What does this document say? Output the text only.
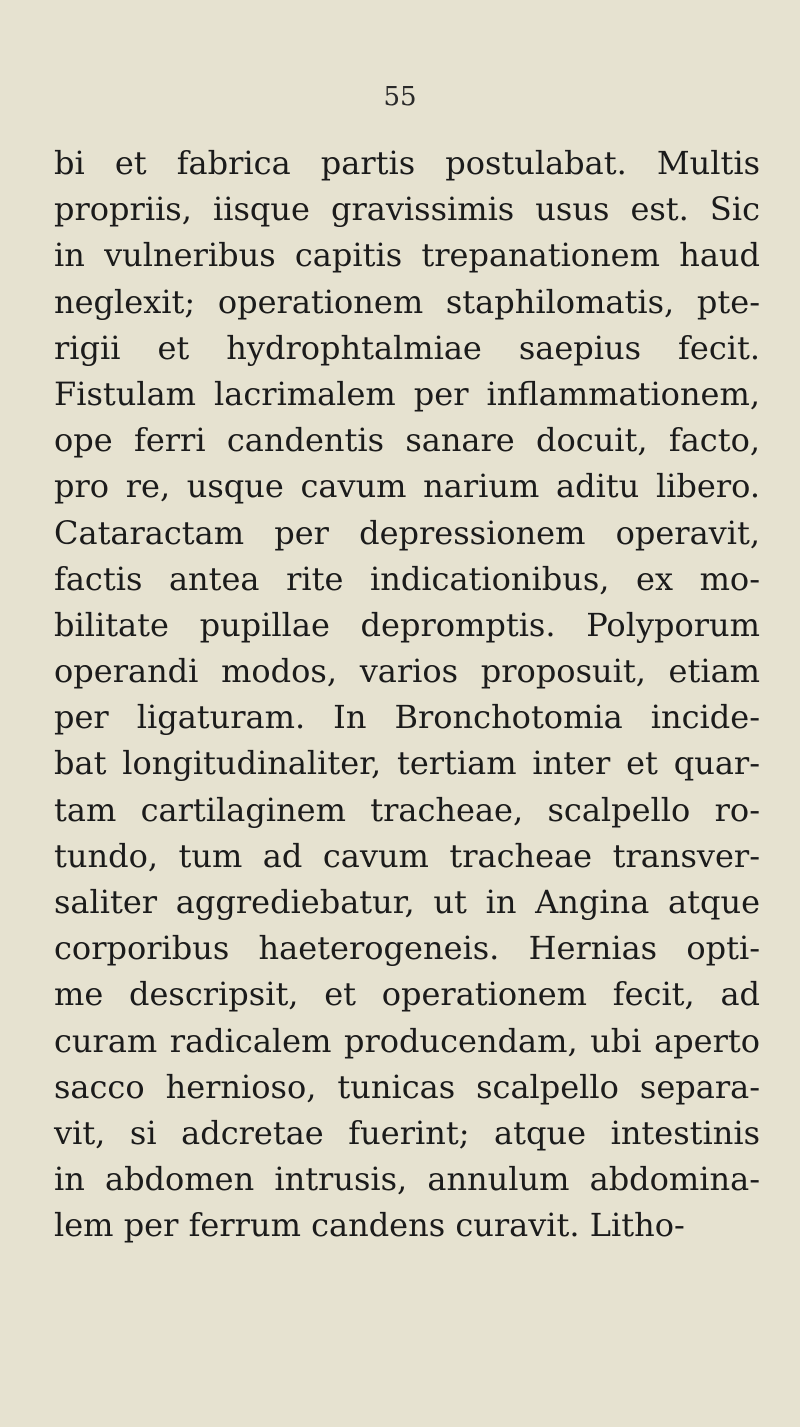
55
bi et fabrica partis postulabat. Multis
propriis, iisque gravissimis usus est. Sic
in vulneribus capitis trepanationem haud
neglexit; operationem staphilomatis, pte-
rigii et hydrophtalmiae saepius fecit.
Fistulam lacrimalem per inflammationem,
ope ferri candentis sanare docuit, facto,
pro re, usque cavum narium aditu libero.
Cataractam per depressionem operavit,
factis antea rite indicationibus, ex mo-
bilitate pupillae depromptis. Polyporum
operandi modos, varios proposuit, etiam
per ligaturam. In Bronchotomia incide-
bat longitudinaliter, tertiam inter et quar-
tam cartilaginem tracheae, scalpello ro-
tundo, tum ad cavum tracheae transver-
saliter aggrediebatur, ut in Angina atque
corporibus haeterogeneis. Hernias opti-
me descripsit, et operationem fecit, ad
curam radicalem producendam, ubi aperto
sacco hernioso, tunicas scalpello separa-
vit, si adcretae fuerint; atque intestinis
in abdomen intrusis, annulum abdomina-
lem per ferrum candens curavit. Litho-
